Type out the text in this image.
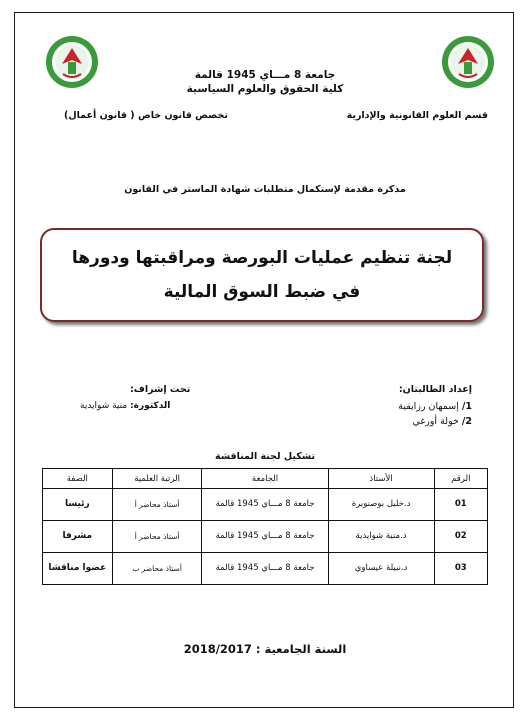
جامعة 8 مـــاي 1945 قالمة
كلية الحقوق والعلوم السياسية
قسم العلوم القانونية والإدارية
تخصص قانون خاص ( قانون أعمال)
مذكرة مقدمة لإستكمال متطلبات شهادة الماستر في القانون
لجنة تنظيم عمليات البورصة ومراقبتها ودورها في ضبط السوق المالية
إعداد الطالبتان:
1/ إسمهان رزايقية
2/ خولة أورغي
تحت إشراف:
الدكتورة: منية شوايدية
تشكيل لجنة المناقشة
الرقم	الأستاذ	الجامعة	الرتبة العلمية	الصفة
01	د.خليل بوصنوبرة	جامعة 8 مـــاي 1945 قالمة	أستاذ محاضر أ	رئيسا
02	د.منية شوايدية	جامعة 8 مـــاي 1945 قالمة	أستاذ محاضر أ	مشرفا
03	د.نبيلة عيساوي	جامعة 8 مـــاي 1945 قالمة	أستاذ محاضر ب	عضوا مناقشا
السنة الجامعية : 2018/2017
